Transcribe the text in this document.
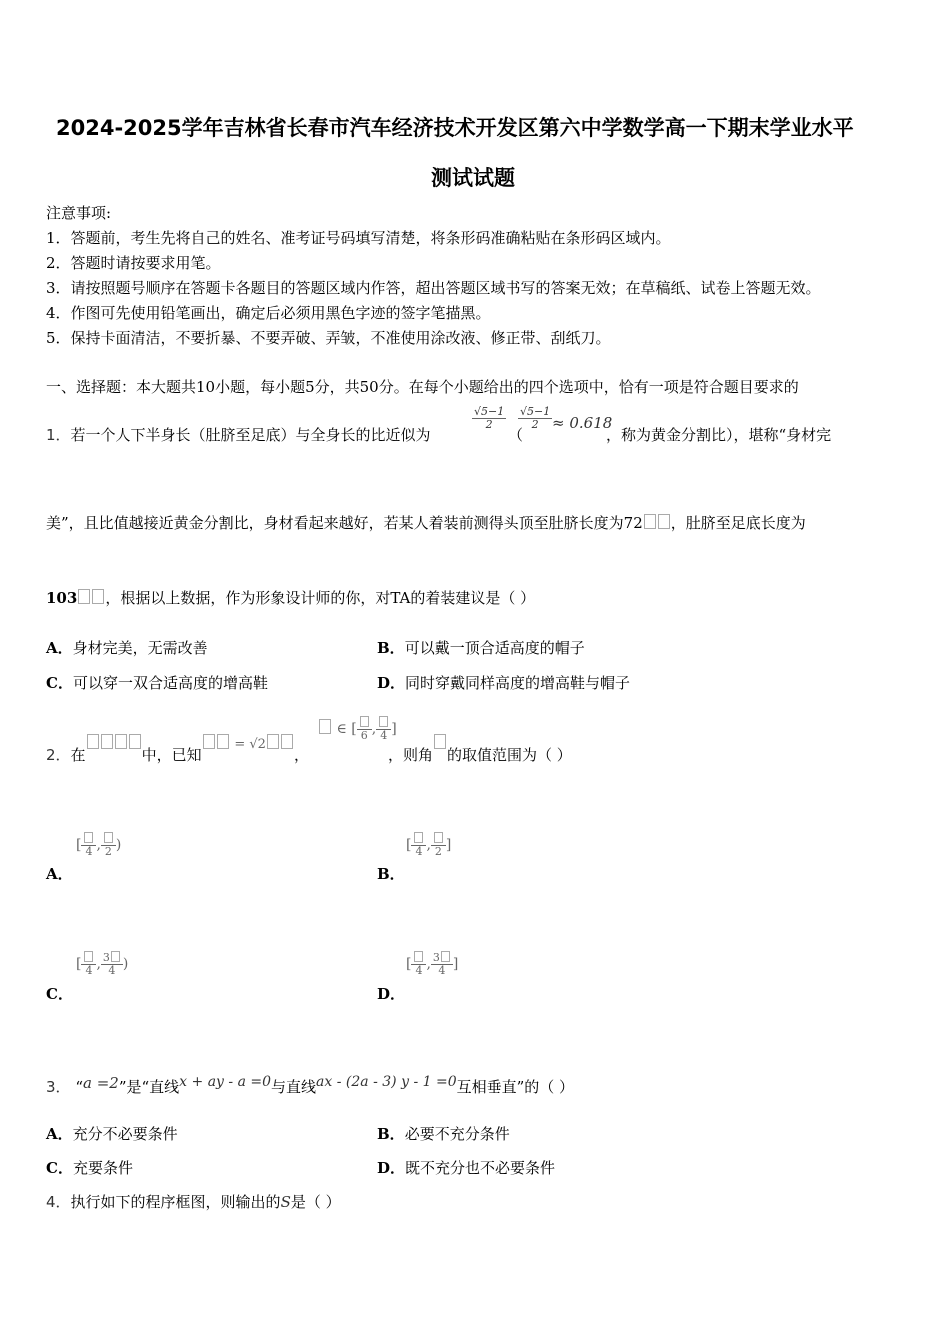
2024-2025学年吉林省长春市汽车经济技术开发区第六中学数学高一下期末学业水平
测试试题
注意事项:
1．答题前，考生先将自己的姓名、准考证号码填写清楚，将条形码准确粘贴在条形码区域内。
2．答题时请按要求用笔。
3．请按照题号顺序在答题卡各题目的答题区域内作答，超出答题区域书写的答案无效；在草稿纸、试卷上答题无效。
4．作图可先使用铅笔画出，确定后必须用黑色字迹的签字笔描黑。
5．保持卡面清洁，不要折暴、不要弄破、弄皱，不准使用涂改液、修正带、刮纸刀。
一、选择题：本大题共10小题，每小题5分，共50分。在每个小题给出的四个选项中，恰有一项是符合题目要求的
1．若一个人下半身长（肚脐至足底）与全身长的比近似为
$\frac{√5-1}{2}$
（
$\frac{√5-1}{2} \approx 0.618$
，称为黄金分割比），堪称“身材完
美”，且比值越接近黄金分割比，身材看起来越好，若某人着装前测得头顶至肚脐长度为72 ，肚脐至足底长度为
103 ，根据以上数据，作为形象设计师的你，对TA的着装建议是（ ）
A．身材完美，无需改善	B．可以戴一顶合适高度的帽子
C．可以穿一双合适高度的增高鞋	D．同时穿戴同样高度的增高鞋与帽子
2．在	中，已知 = √2，
∈ [ 6 , 4 ]
，则角 的取值范围为（ ）
[ 4 , 2 )
A．
[ 4 , 2 ]
B．
[ 4 , $\frac{3}{4}$ )
C．
[ 4 , $\frac{3}{4}$ ]
D．
3． “a =2”是“直线x + ay - a =0与直线ax - (2a - 3) y - 1 =0互相垂直”的（ ）
A．充分不必要条件	B．必要不充分条件
C．充要条件	D．既不充分也不必要条件
4．执行如下的程序框图，则输出的S是（ ）
